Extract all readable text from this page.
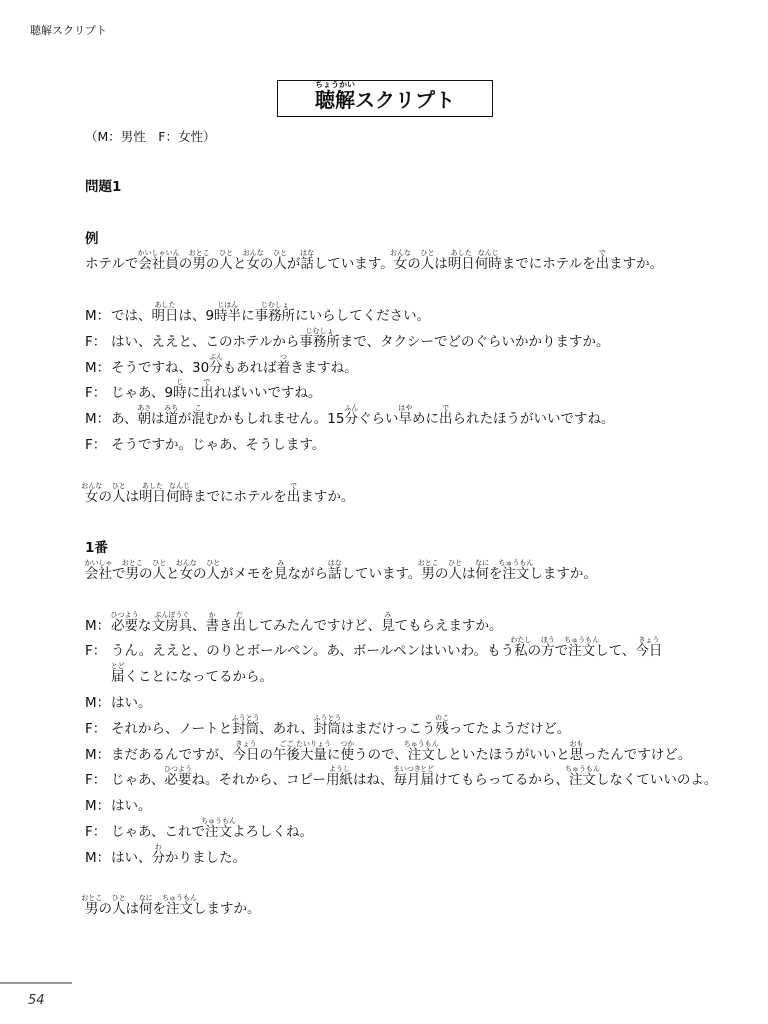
聴解スクリプト
聴解
ちょうかい
スクリプト
（M：男性　F：女性）
問題1
例
ホテルで会社員
かいしゃいん
の男
おとこ
の人
ひと
と女
おんな
の人
ひと
が話
はな
しています。女
おんな
の人
ひと
は明日
あした
何時
なんじ
までにホテルを出
で
ますか。
M：では、明日
あした
は、9時半
じはん
に事務所
じむしょ
にいらしてください。
F： はい、ええと、このホテルから事務所
じむしょ
まで、タクシーでどのぐらいかかりますか。
M：そうですね、30分
ぷん
もあれば着
つ
きますね。
F： じゃあ、9時
じ
に出
で
ればいいですね。
M：あ、朝
あさ
は道
みち
が混
こ
むかもしれません。15分
ふん
ぐらい早
はや
めに出
で
られたほうがいいですね。
F： そうですか。じゃあ、そうします。
女
おんな
の人
ひと
は明日
あした
何時
なんじ
までにホテルを出
で
ますか。
1番
会社
かいしゃ
で男
おとこ
の人
ひと
と女
おんな
の人
ひと
がメモを見
み
ながら話
はな
しています。男
おとこ
の人
ひと
は何
なに
を注文
ちゅうもん
しますか。
M：必要
ひつよう
な文房具
ぶんぼうぐ
、書
か
き出
だ
してみたんですけど、見
み
てもらえますか。
F： うん。ええと、のりとボールペン。あ、ボールペンはいいわ。もう私
わたし
の方
ほう
で注文
ちゅうもん
して、今日
きょう
届
とど
くことになってるから。
M：はい。
F： それから、ノートと封筒
ふうとう
、あれ、封筒
ふうとう
はまだけっこう残
のこ
ってたようだけど。
M：まだあるんですが、今日
きょう
の午後
ごご
大量
たいりょう
に使
つか
うので、注文
ちゅうもん
しといたほうがいいと思
おも
ったんですけど。
F： じゃあ、必要
ひつよう
ね。それから、コピー用紙
ようし
はね、毎月
まいつき
届
とど
けてもらってるから、注文
ちゅうもん
しなくていいのよ。
M：はい。
F： じゃあ、これで注文
ちゅうもん
よろしくね。
M：はい、分
わ
かりました。
男
おとこ
の人
ひと
は何
なに
を注文
ちゅうもん
しますか。
54
